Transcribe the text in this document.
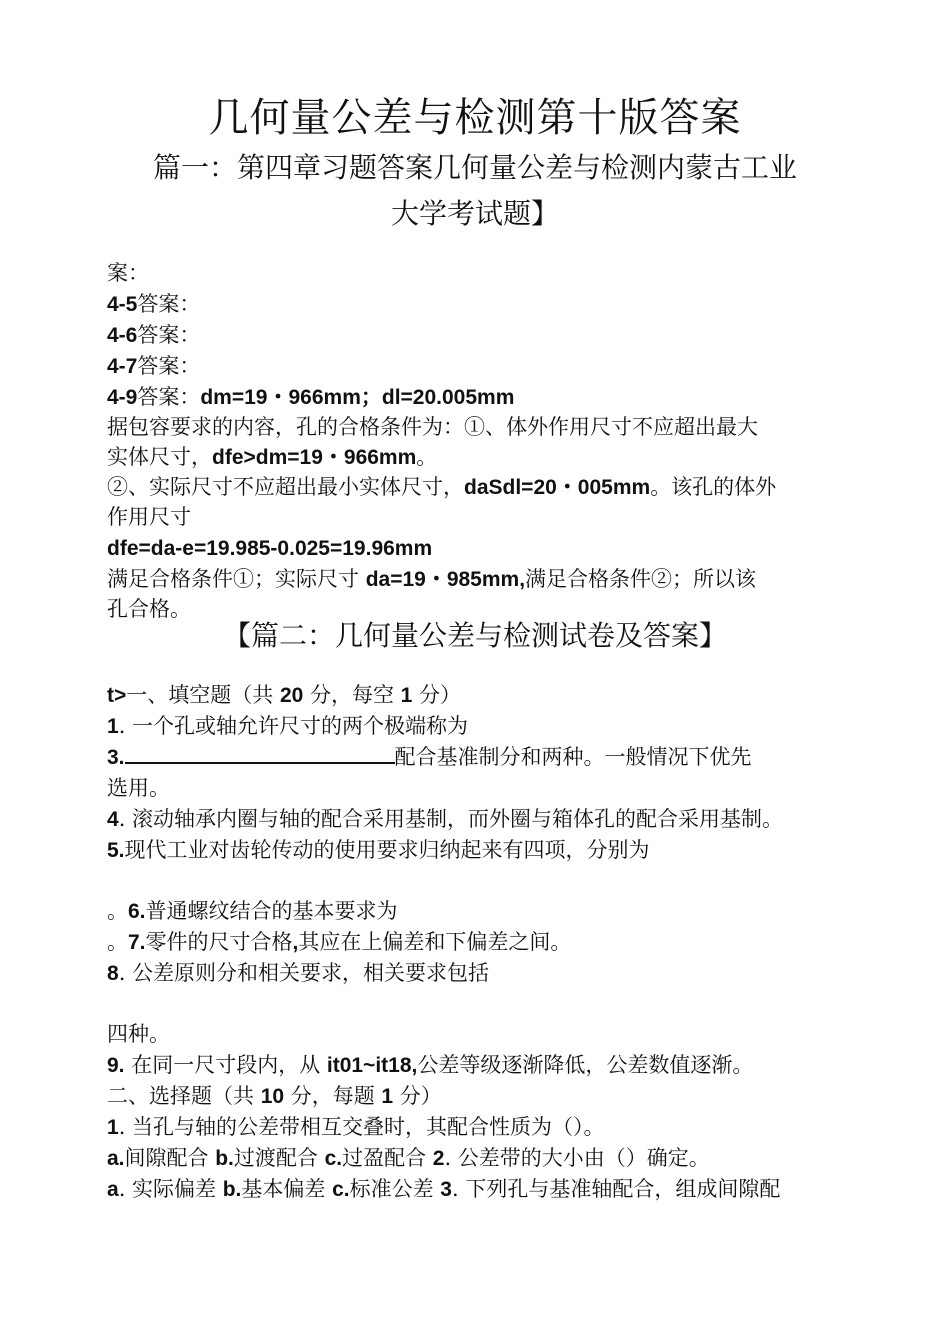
几何量公差与检测第十版答案
篇一：第四章习题答案几何量公差与检测内蒙古工业
大学考试题】
案：
4-5答案：
4-6答案：
4-7答案：
4-9答案：dm=19・966mm；dl=20.005mm
据包容要求的内容，孔的合格条件为：①、体外作用尺寸不应超出最大
实体尺寸，dfe>dm=19・966mm。
②、实际尺寸不应超出最小实体尺寸，daSdl=20・005mm。该孔的体外
作用尺寸
dfe=da-e=19.985-0.025=19.96mm
满足合格条件①；实际尺寸 da=19・985mm,满足合格条件②；所以该
孔合格。
【篇二：几何量公差与检测试卷及答案】
t>一、填空题（共 20 分，每空 1 分）
1. 一个孔或轴允许尺寸的两个极端称为
3.	配合基准制分和两种。一般情况下优先
选用。
4. 滚动轴承内圈与轴的配合采用基制，而外圈与箱体孔的配合采用基制。
5.现代工业对齿轮传动的使用要求归纳起来有四项，分别为
。6.普通螺纹结合的基本要求为
。7.零件的尺寸合格,其应在上偏差和下偏差之间。
8. 公差原则分和相关要求，相关要求包括
四种。
9. 在同一尺寸段内，从 it01~it18,公差等级逐渐降低，公差数值逐渐。
二、选择题（共 10 分，每题 1 分）
1. 当孔与轴的公差带相互交叠时，其配合性质为（）。
a.间隙配合 b.过渡配合 c.过盈配合 2. 公差带的大小由（）确定。
a. 实际偏差 b.基本偏差 c.标准公差 3. 下列孔与基准轴配合，组成间隙配
